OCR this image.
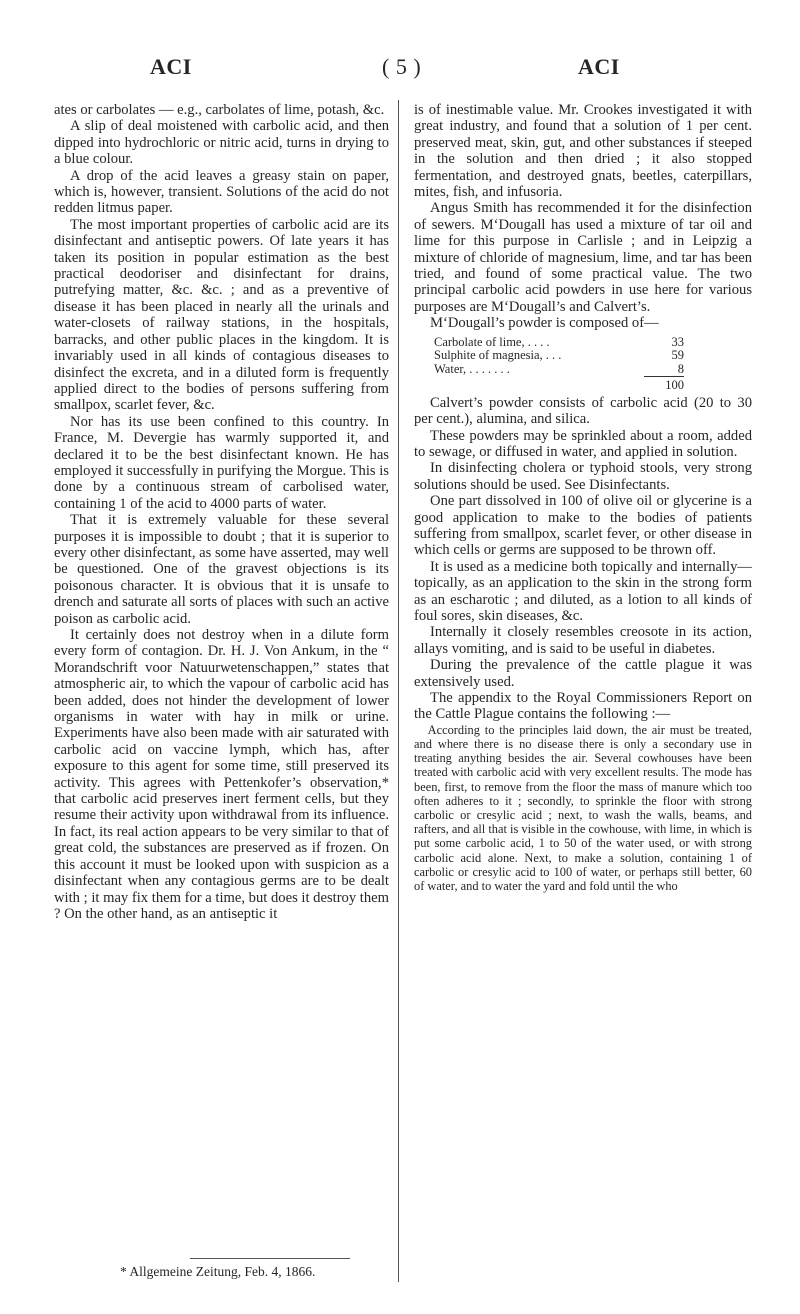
ACI	( 5 )	ACI

ates or carbolates — e.g., carbolates of lime, potash, &c.

A slip of deal moistened with carbolic acid, and then dipped into hydrochloric or nitric acid, turns in drying to a blue colour.

A drop of the acid leaves a greasy stain on paper, which is, however, transient. Solutions of the acid do not redden litmus paper.

The most important properties of carbolic acid are its disinfectant and antiseptic powers. Of late years it has taken its position in popular estimation as the best practical deodoriser and disinfectant for drains, putrefying matter, &c. &c. ; and as a preventive of disease it has been placed in nearly all the urinals and water-closets of railway stations, in the hospitals, barracks, and other public places in the kingdom. It is invariably used in all kinds of contagious diseases to disinfect the excreta, and in a diluted form is frequently applied direct to the bodies of persons suffering from smallpox, scarlet fever, &c.

Nor has its use been confined to this country. In France, M. Devergie has warmly supported it, and declared it to be the best disinfectant known. He has employed it successfully in purifying the Morgue. This is done by a continuous stream of carbolised water, containing 1 of the acid to 4000 parts of water.

That it is extremely valuable for these several purposes it is impossible to doubt ; that it is superior to every other disinfectant, as some have asserted, may well be questioned. One of the gravest objections is its poisonous character. It is obvious that it is unsafe to drench and saturate all sorts of places with such an active poison as carbolic acid.

It certainly does not destroy when in a dilute form every form of contagion. Dr. H. J. Von Ankum, in the “ Morandschrift voor Natuurwetenschappen,” states that atmospheric air, to which the vapour of carbolic acid has been added, does not hinder the development of lower organisms in water with hay in milk or urine. Experiments have also been made with air saturated with carbolic acid on vaccine lymph, which has, after exposure to this agent for some time, still preserved its activity. This agrees with Pettenkofer’s observation,* that carbolic acid preserves inert ferment cells, but they resume their activity upon withdrawal from its influence. In fact, its real action appears to be very similar to that of great cold, the substances are preserved as if frozen. On this account it must be looked upon with suspicion as a disinfectant when any contagious germs are to be dealt with ; it may fix them for a time, but does it destroy them ? On the other hand, as an antiseptic it

is of inestimable value. Mr. Crookes investigated it with great industry, and found that a solution of 1 per cent. preserved meat, skin, gut, and other substances if steeped in the solution and then dried ; it also stopped fermentation, and destroyed gnats, beetles, caterpillars, mites, fish, and infusoria.

Angus Smith has recommended it for the disinfection of sewers. M‘Dougall has used a mixture of tar oil and lime for this purpose in Carlisle ; and in Leipzig a mixture of chloride of magnesium, lime, and tar has been tried, and found of some practical value. The two principal carbolic acid powders in use here for various purposes are M‘Dougall’s and Calvert’s.

M‘Dougall’s powder is composed of—

Carbolate of lime, . . . .	33
Sulphite of magnesia, . . .	59
Water, . . . . . . .	8
	100

Calvert’s powder consists of carbolic acid (20 to 30 per cent.), alumina, and silica.

These powders may be sprinkled about a room, added to sewage, or diffused in water, and applied in solution.

In disinfecting cholera or typhoid stools, very strong solutions should be used. See Disinfectants.

One part dissolved in 100 of olive oil or glycerine is a good application to make to the bodies of patients suffering from smallpox, scarlet fever, or other disease in which cells or germs are supposed to be thrown off.

It is used as a medicine both topically and internally—topically, as an application to the skin in the strong form as an escharotic ; and diluted, as a lotion to all kinds of foul sores, skin diseases, &c.

Internally it closely resembles creosote in its action, allays vomiting, and is said to be useful in diabetes.

During the prevalence of the cattle plague it was extensively used.

The appendix to the Royal Commissioners Report on the Cattle Plague contains the following :—

According to the principles laid down, the air must be treated, and where there is no disease there is only a secondary use in treating anything besides the air. Several cowhouses have been treated with carbolic acid with very excellent results. The mode has been, first, to remove from the floor the mass of manure which too often adheres to it ; secondly, to sprinkle the floor with strong carbolic or cresylic acid ; next, to wash the walls, beams, and rafters, and all that is visible in the cowhouse, with lime, in which is put some carbolic acid, 1 to 50 of the water used, or with strong carbolic acid alone. Next, to make a solution, containing 1 of carbolic or cresylic acid to 100 of water, or perhaps still better, 60 of water, and to water the yard and fold until the who

* Allgemeine Zeitung, Feb. 4, 1866.
